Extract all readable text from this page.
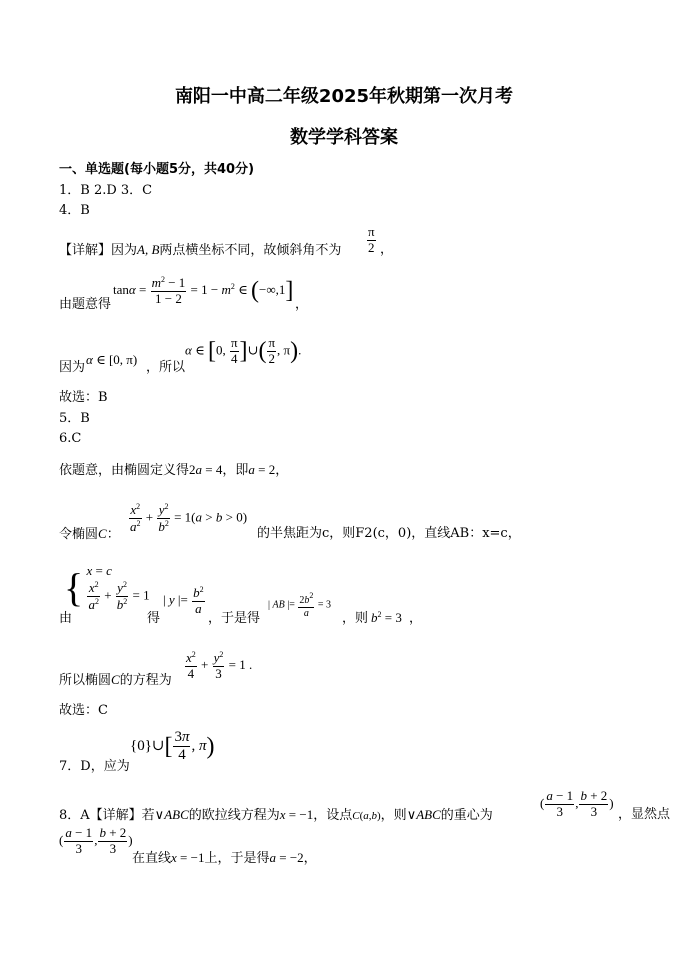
南阳一中高二年级2025年秋期第一次月考
数学学科答案
一、单选题(每小题5分，共40分)
1．B 2.D 3．C
4．B
【详解】因为A, B两点横坐标不同，故倾斜角不为 $\frac{\pi}{2}$ ，
$\tan\alpha = \frac{m^2 - 1}{1 - 2} = 1 - m^2$ ∈ (−∞,1]
由题意得	，
因为
α ∈ [0, π)
，所以
α ∈ [0, $\frac{\pi}{4}$ ]∪( $\frac{\pi}{2}$ , π).
故选：B
5．B
6.C
依题意，由椭圆定义得2a = 4，即a = 2，
令椭圆C： $\frac{x^2}{a^2} + \frac{y^2}{b^2} = 1(a > b > 0)$
的半焦距为c，则F2(c，0)，直线AB：x=c，
{ x = c
$\frac{x^2}{a^2} + \frac{y^2}{b^2} = 1$
由	得
| y |= $\frac{b^2}{a}$
，于是得
| AB |= $\frac{2b^2}{a} = 3$
，则 $b^2 = 3$ ，
所以椭圆C的方程为 $\frac{x^2}{4} + \frac{y^2}{3} = 1$ .
故选：C
7．D，应为
{0}∪[ $\frac{3\pi}{4}$ , π)
8．A【详解】若∨ABC的欧拉线方程为x = −1，设点C(a,b)，则∨ABC的重心为
( $\frac{a - 1}{3}$ , $\frac{b + 2}{3}$ )
，显然点
( $\frac{a - 1}{3}$ , $\frac{b + 2}{3}$ )
在直线x = −1上，于是得a = −2，
